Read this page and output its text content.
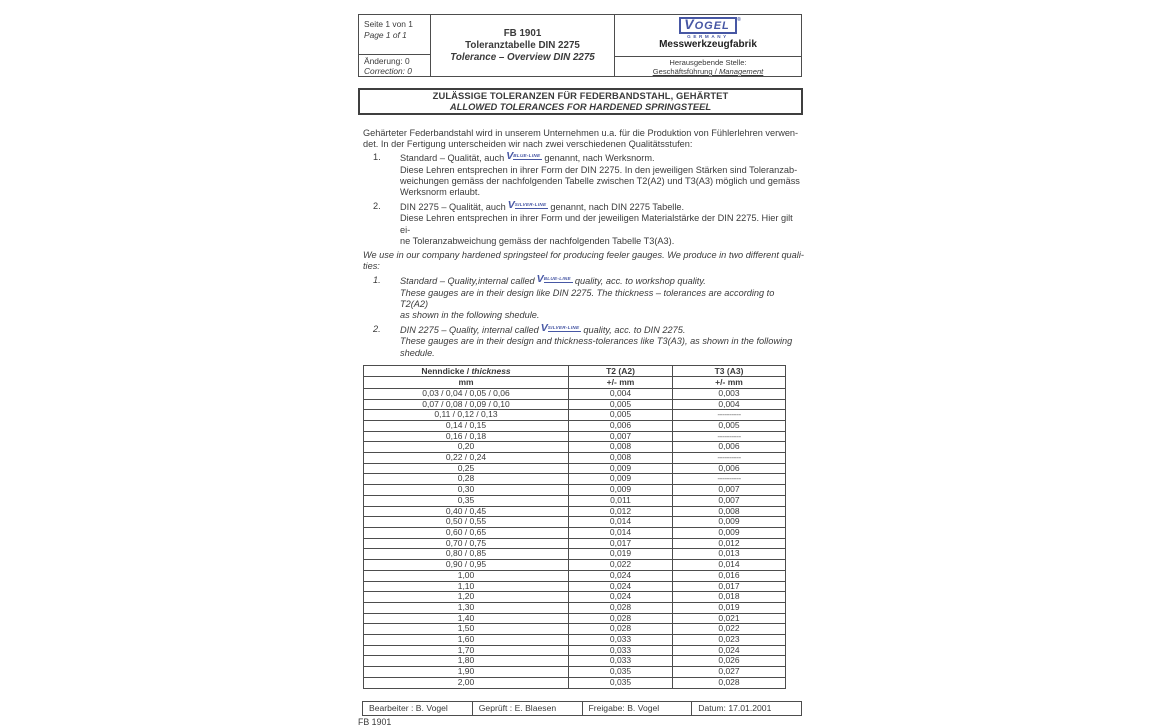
Seite 1 von 1
Page 1 of 1
Änderung: 0
Correction: 0
FB 1901
Toleranztabelle DIN 2275
Tolerance – Overview DIN 2275
VOGEL ®
GERMANY
Messwerkzeugfabrik
Herausgebende Stelle:
Geschäftsführung / Management
ZULÄSSIGE TOLERANZEN FÜR FEDERBANDSTAHL, GEHÄRTET
ALLOWED TOLERANCES FOR HARDENED SPRINGSTEEL
Gehärteter Federbandstahl wird in unserem Unternehmen u.a. für die Produktion von Fühlerlehren verwen-
det. In der Fertigung unterscheiden wir nach zwei verschiedenen Qualitätsstufen:
1.	Standard – Qualität, auch $V^{BLUE-LINE}$ genannt, nach Werksnorm.
Diese Lehren entsprechen in ihrer Form der DIN 2275. In den jeweiligen Stärken sind Toleranzab-
weichungen gemäss der nachfolgenden Tabelle zwischen T2(A2) und T3(A3) möglich und gemäss
Werksnorm erlaubt.
2.	DIN 2275 – Qualität, auch $V^{SILVER-LINE}$ genannt, nach DIN 2275 Tabelle.
Diese Lehren entsprechen in ihrer Form und der jeweiligen Materialstärke der DIN 2275. Hier gilt ei-
ne Toleranzabweichung gemäss der nachfolgenden Tabelle T3(A3).
We use in our company hardened springsteel for producing feeler gauges. We produce in two different quali-
ties:
1.	Standard – Quality,internal called $V^{BLUE-LINE}$ quality, acc. to workshop quality.
These gauges are in their design like DIN 2275. The thickness – tolerances are according to T2(A2)
as shown in the following shedule.
2.	DIN 2275 – Quality, internal called $V^{SILVER-LINE}$ quality, acc. to DIN 2275.
These gauges are in their design and thickness-tolerances like T3(A3), as shown in the following
shedule.
Nenndicke / thickness	T2 (A2)	T3 (A3)
mm	+/- mm	+/- mm
0,03 / 0,04 / 0,05 / 0,06	0,004	0,003
0,07 / 0,08 / 0,09 / 0,10	0,005	0,004
0,11 / 0,12 / 0,13	0,005	----------
0,14 / 0,15	0,006	0,005
0,16 / 0,18	0,007	----------
0,20	0,008	0,006
0,22 / 0,24	0,008	----------
0,25	0,009	0,006
0,28	0,009	----------
0,30	0,009	0,007
0,35	0,011	0,007
0,40 / 0,45	0,012	0,008
0,50 / 0,55	0,014	0,009
0,60 / 0,65	0,014	0,009
0,70 / 0,75	0,017	0,012
0,80 / 0,85	0,019	0,013
0,90 / 0,95	0,022	0,014
1,00	0,024	0,016
1,10	0,024	0,017
1,20	0,024	0,018
1,30	0,028	0,019
1,40	0,028	0,021
1,50	0,028	0,022
1,60	0,033	0,023
1,70	0,033	0,024
1,80	0,033	0,026
1,90	0,035	0,027
2,00	0,035	0,028
Bearbeiter : B. Vogel	Geprüft : E. Blaesen	Freigabe: B. Vogel	Datum: 17.01.2001
FB 1901
